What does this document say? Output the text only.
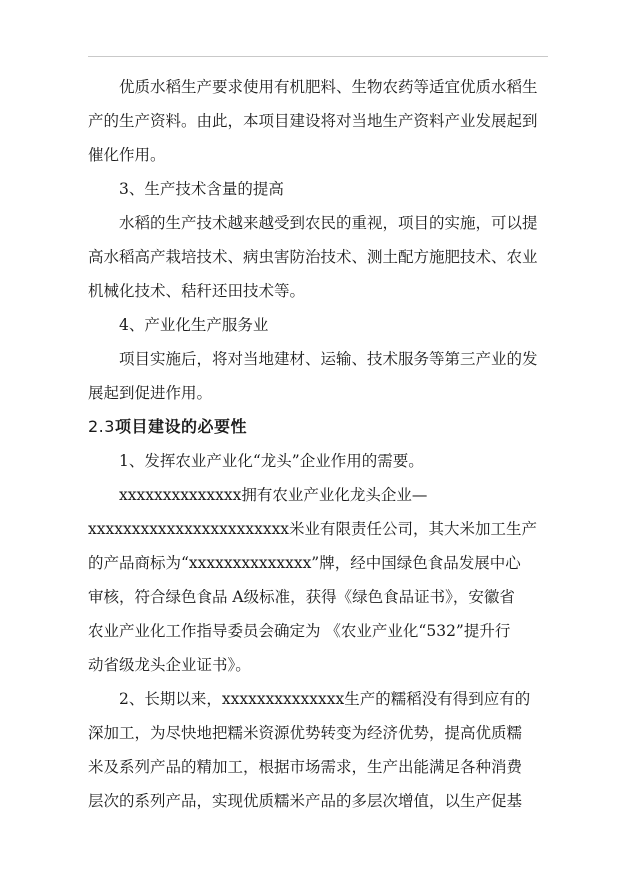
优质水稻生产要求使用有机肥料、生物农药等适宜优质水稻生
产的生产资料。由此，本项目建设将对当地生产资料产业发展起到
催化作用。
3、生产技术含量的提高
水稻的生产技术越来越受到农民的重视，项目的实施，可以提
高水稻高产栽培技术、病虫害防治技术、测土配方施肥技术、农业
机械化技术、秸秆还田技术等。
4、产业化生产服务业
项目实施后，将对当地建材、运输、技术服务等第三产业的发
展起到促进作用。
2.3项目建设的必要性
1、发挥农业产业化“龙头”企业作用的需要。
xxxxxxxxxxxxxx拥有农业产业化龙头企业—
xxxxxxxxxxxxxxxxxxxxxxx米业有限责任公司，其大米加工生产
的产品商标为“xxxxxxxxxxxxxx”牌，经中国绿色食品发展中心
审核，符合绿色食品 A级标准，获得《绿色食品证书》，安徽省
农业产业化工作指导委员会确定为 《农业产业化“532”提升行
动省级龙头企业证书》。
2、长期以来，xxxxxxxxxxxxxx生产的糯稻没有得到应有的
深加工，为尽快地把糯米资源优势转变为经济优势，提高优质糯
米及系列产品的精加工，根据市场需求，生产出能满足各种消费
层次的系列产品，实现优质糯米产品的多层次增值，以生产促基
